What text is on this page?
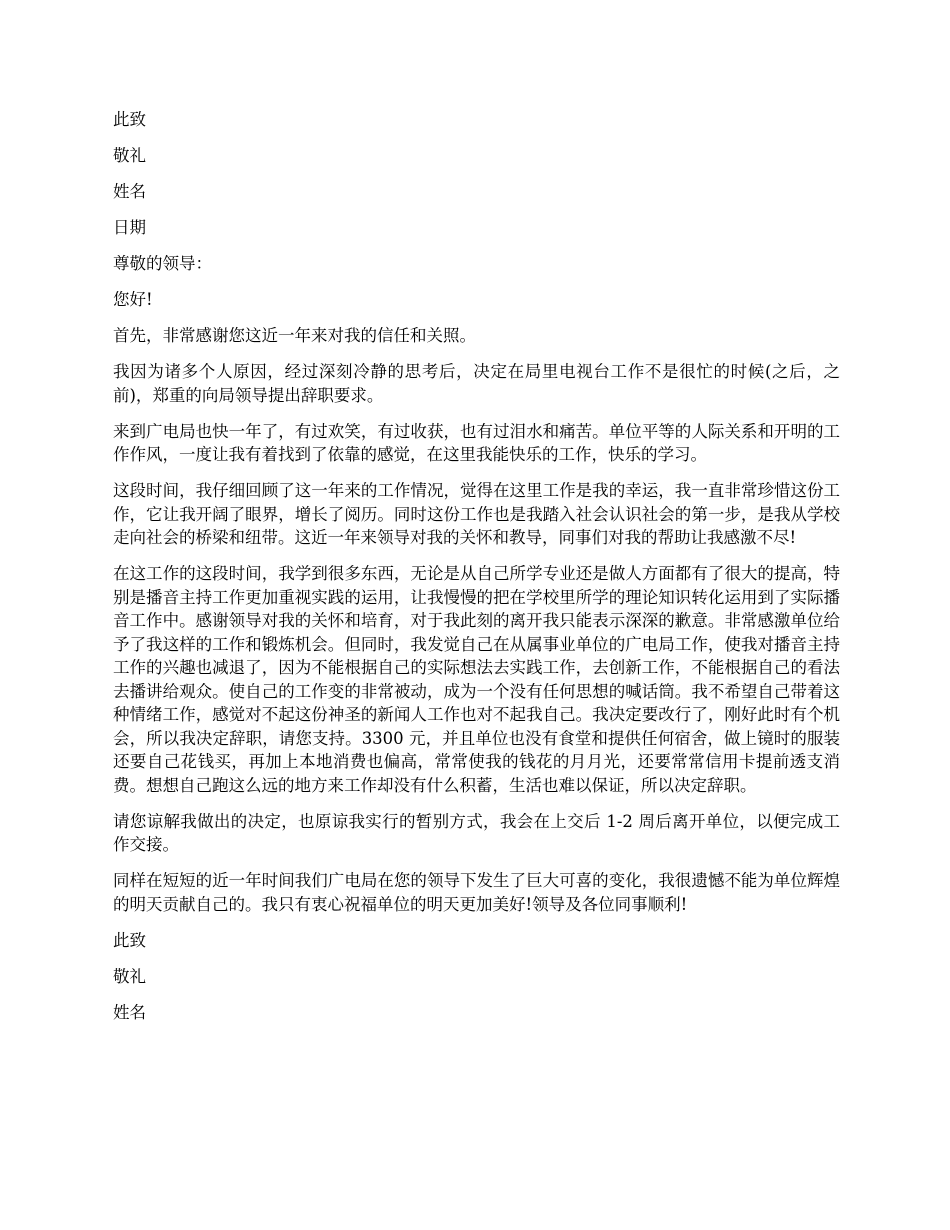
此致

敬礼

姓名

日期

尊敬的领导：

您好!

首先，非常感谢您这近一年来对我的信任和关照。

我因为诸多个人原因，经过深刻冷静的思考后，决定在局里电视台工作不是很忙的时候(之后，之前)，郑重的向局领导提出辞职要求。

来到广电局也快一年了，有过欢笑，有过收获，也有过泪水和痛苦。单位平等的人际关系和开明的工作作风，一度让我有着找到了依靠的感觉，在这里我能快乐的工作，快乐的学习。

这段时间，我仔细回顾了这一年来的工作情况，觉得在这里工作是我的幸运，我一直非常珍惜这份工作，它让我开阔了眼界，增长了阅历。同时这份工作也是我踏入社会认识社会的第一步，是我从学校走向社会的桥梁和纽带。这近一年来领导对我的关怀和教导，同事们对我的帮助让我感激不尽!

在这工作的这段时间，我学到很多东西，无论是从自己所学专业还是做人方面都有了很大的提高，特别是播音主持工作更加重视实践的运用，让我慢慢的把在学校里所学的理论知识转化运用到了实际播音工作中。感谢领导对我的关怀和培育，对于我此刻的离开我只能表示深深的歉意。非常感激单位给予了我这样的工作和锻炼机会。但同时，我发觉自己在从属事业单位的广电局工作，使我对播音主持工作的兴趣也减退了，因为不能根据自己的实际想法去实践工作，去创新工作，不能根据自己的看法去播讲给观众。使自己的工作变的非常被动，成为一个没有任何思想的喊话筒。我不希望自己带着这种情绪工作，感觉对不起这份神圣的新闻人工作也对不起我自己。我决定要改行了，刚好此时有个机会，所以我决定辞职，请您支持。3300 元，并且单位也没有食堂和提供任何宿舍，做上镜时的服装还要自己花钱买，再加上本地消费也偏高，常常使我的钱花的月月光，还要常常信用卡提前透支消费。想想自己跑这么远的地方来工作却没有什么积蓄，生活也难以保证，所以决定辞职。

请您谅解我做出的决定，也原谅我实行的暂别方式，我会在上交后 1-2 周后离开单位，以便完成工作交接。

同样在短短的近一年时间我们广电局在您的领导下发生了巨大可喜的变化，我很遗憾不能为单位辉煌的明天贡献自己的。我只有衷心祝福单位的明天更加美好!领导及各位同事顺利!

此致

敬礼

姓名
